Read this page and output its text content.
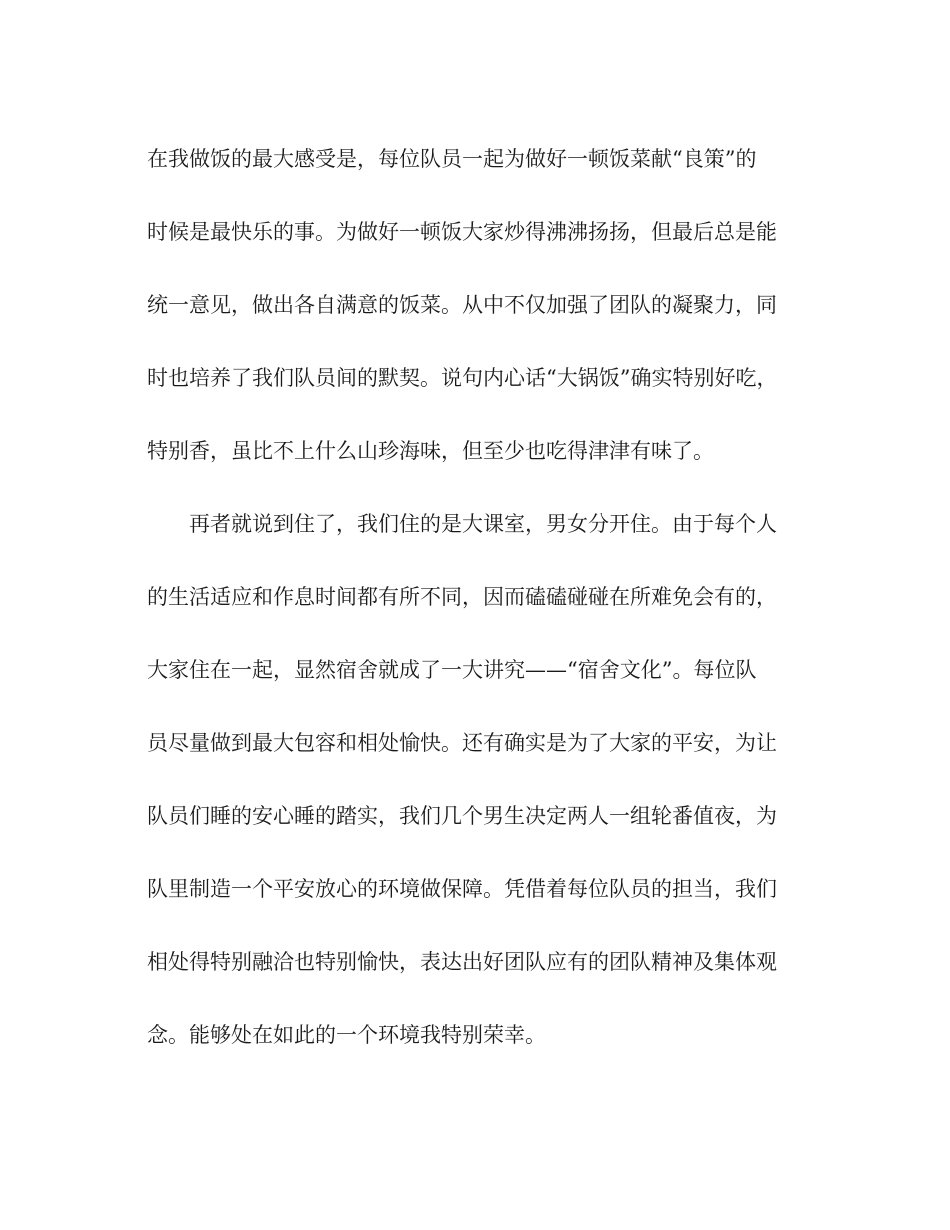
在我做饭的最大感受是，每位队员一起为做好一顿饭菜献“良策”的
时候是最快乐的事。为做好一顿饭大家炒得沸沸扬扬，但最后总是能
统一意见，做出各自满意的饭菜。从中不仅加强了团队的凝聚力，同
时也培养了我们队员间的默契。说句内心话“大锅饭”确实特别好吃，
特别香，虽比不上什么山珍海味，但至少也吃得津津有味了。
再者就说到住了，我们住的是大课室，男女分开住。由于每个人
的生活适应和作息时间都有所不同，因而磕磕碰碰在所难免会有的，
大家住在一起，显然宿舍就成了一大讲究——“宿舍文化”。每位队
员尽量做到最大包容和相处愉快。还有确实是为了大家的平安，为让
队员们睡的安心睡的踏实，我们几个男生决定两人一组轮番值夜，为
队里制造一个平安放心的环境做保障。凭借着每位队员的担当，我们
相处得特别融洽也特别愉快，表达出好团队应有的团队精神及集体观
念。能够处在如此的一个环境我特别荣幸。
